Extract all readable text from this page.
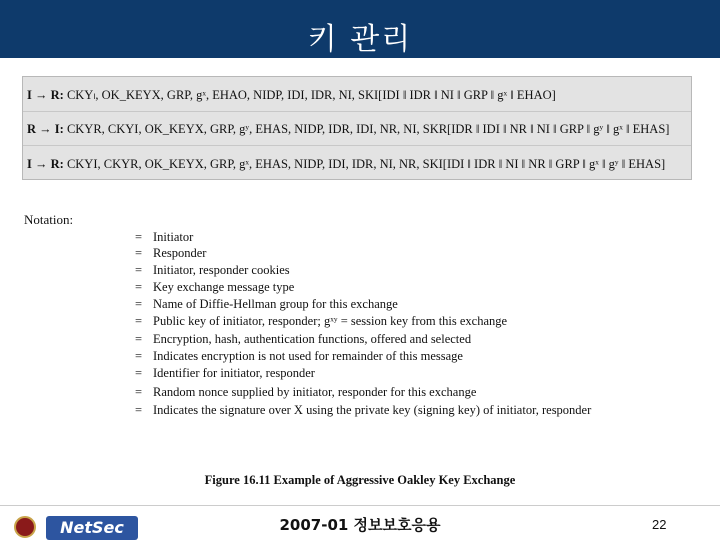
키 관리
I → R: CKYₗ, OK_KEYX, GRP, gˣ, EHAO, NIDP, IDI, IDR, NI, SKI[IDI ‖ IDR ‖ NI ‖ GRP ‖ gˣ ‖ EHAO]
R → I: CKYR, CKYI, OK_KEYX, GRP, gʸ, EHAS, NIDP, IDR, IDI, NR, NI, SKR[IDR ‖ IDI ‖ NR ‖ NI ‖ GRP ‖ gʸ ‖ gˣ ‖ EHAS]
I → R: CKYI, CKYR, OK_KEYX, GRP, gˣ, EHAS, NIDP, IDI, IDR, NI, NR, SKI[IDI ‖ IDR ‖ NI ‖ NR ‖ GRP ‖ gˣ ‖ gʸ ‖ EHAS]
Notation:
= Initiator
= Responder
= Initiator, responder cookies
= Key exchange message type
= Name of Diffie-Hellman group for this exchange
= Public key of initiator, responder; gˣʸ = session key from this exchange
= Encryption, hash, authentication functions, offered and selected
= Indicates encryption is not used for remainder of this message
= Identifier for initiator, responder
= Random nonce supplied by initiator, responder for this exchange
= Indicates the signature over X using the private key (signing key) of initiator, responder
Figure 16.11 Example of Aggressive Oakley Key Exchange
NetSec	2007-01 정보보호응용	22
